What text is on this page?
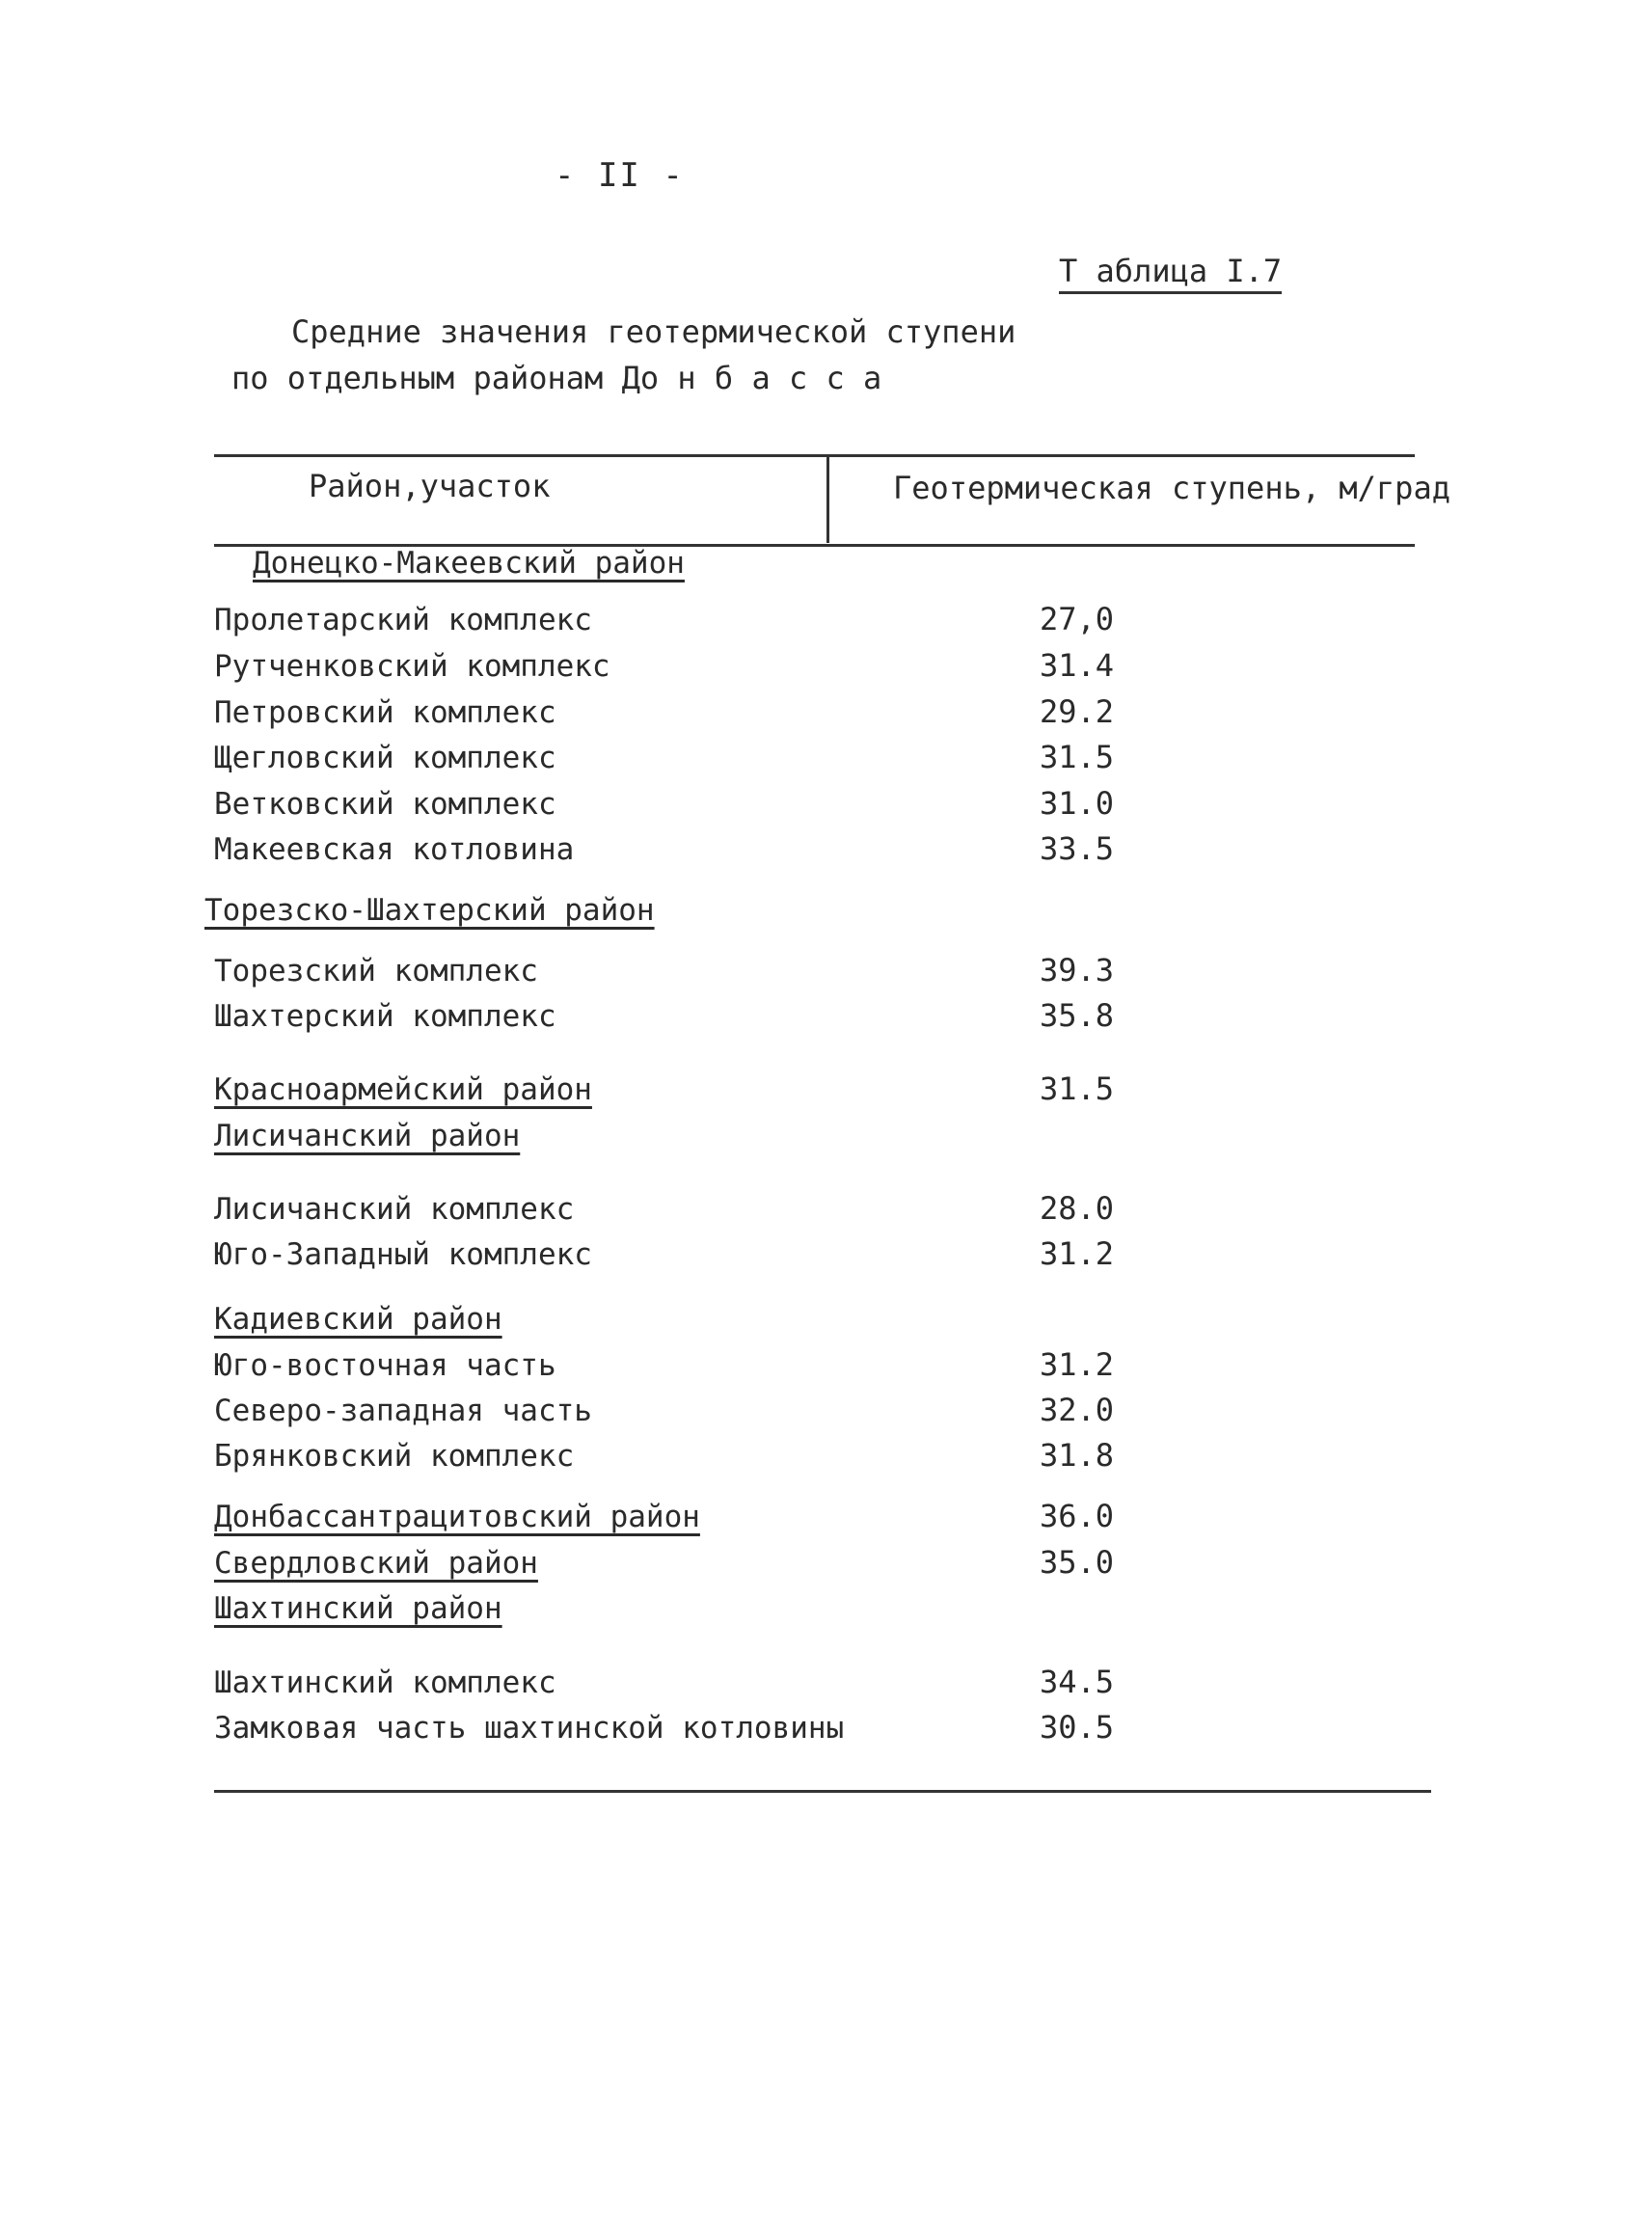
- II -
Т аблица I.7
Средние значения геотермической ступени
по отдельным районам До н б а с с а
Район,участок	Геотермическая ступень, м/град
Донецко-Макеевский район
Пролетарский комплекс	27,0
Рутченковский комплекс	31.4
Петровский комплекс	29.2
Щегловский комплекс	31.5
Ветковский комплекс	31.0
Макеевская котловина	33.5
Торезско-Шахтерский район
Торезский комплекс	39.3
Шахтерский комплекс	35.8
Красноармейский район	31.5
Лисичанский район
Лисичанский комплекс	28.0
Юго-Западный комплекс	31.2
Кадиевский район
Юго-восточная часть	31.2
Северо-западная часть	32.0
Брянковский комплекс	31.8
Донбассантрацитовский район	36.0
Свердловский район	35.0
Шахтинский район
Шахтинский комплекс	34.5
Замковая часть шахтинской котловины	30.5
